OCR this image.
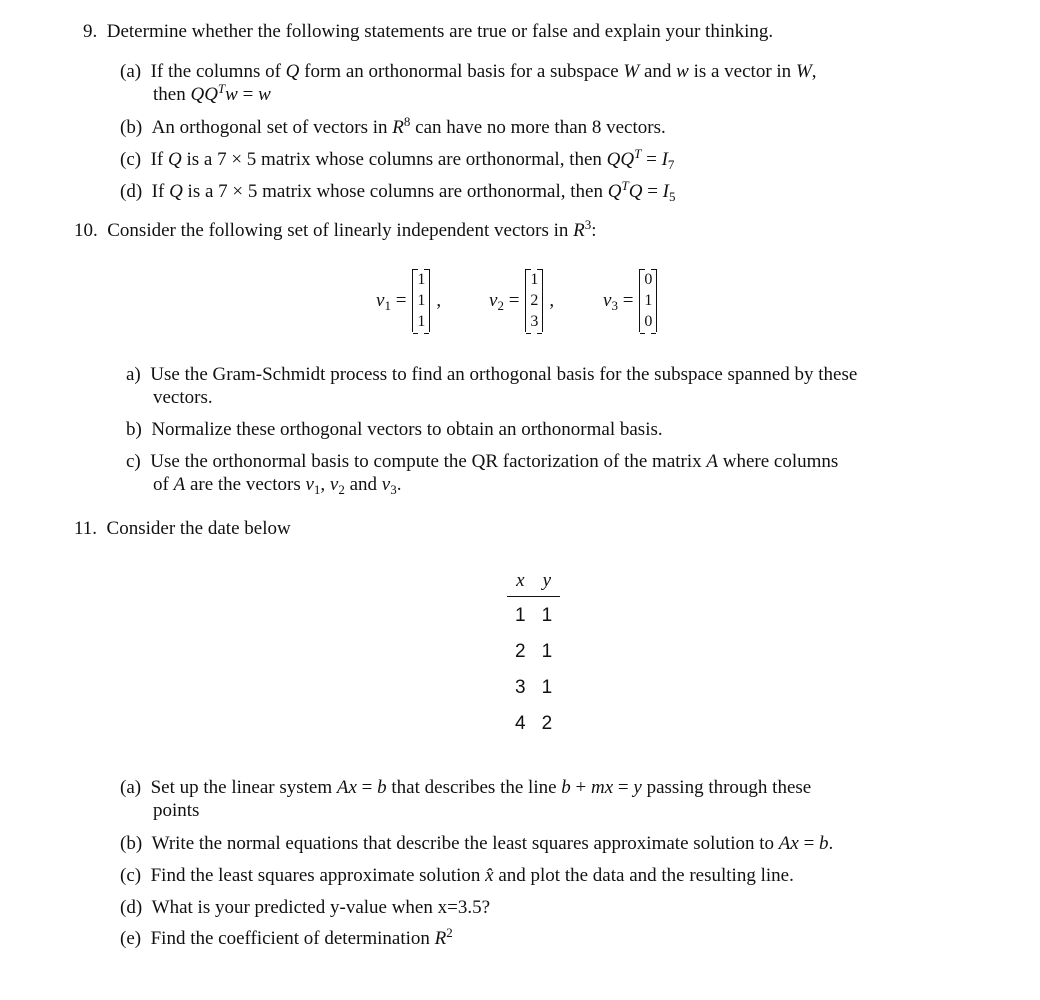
9.  Determine whether the following statements are true or false and explain your thinking.
(a)  If the columns of Q form an orthonormal basis for a subspace W and w is a vector in W,
then $QQ^Tw = w$
(b)  An orthogonal set of vectors in $R^8$ can have no more than 8 vectors.
(c)  If Q is a 7 × 5 matrix whose columns are orthonormal, then $QQ^T = I_7$
(d)  If Q is a 7 × 5 matrix whose columns are orthonormal, then $Q^TQ = I_5$
10.  Consider the following set of linearly independent vectors in $R^3$:
$v_1$ =
1
1
1
,	$v_2$ =
1
2
3
,	$v_3$ =
0
1
0
a)  Use the Gram-Schmidt process to find an orthogonal basis for the subspace spanned by these
vectors.
b)  Normalize these orthogonal vectors to obtain an orthonormal basis.
c)  Use the orthonormal basis to compute the QR factorization of the matrix A where columns
of A are the vectors $v_1$, $v_2$ and $v_3$.
11.  Consider the date below
x	y
1	1
2	1
3	1
4	2
(a)  Set up the linear system Ax = b that describes the line b + mx = y passing through these
points
(b)  Write the normal equations that describe the least squares approximate solution to Ax = b.
(c)  Find the least squares approximate solution x̂ and plot the data and the resulting line.
(d)  What is your predicted y-value when x=3.5?
(e)  Find the coefficient of determination $R^2$
